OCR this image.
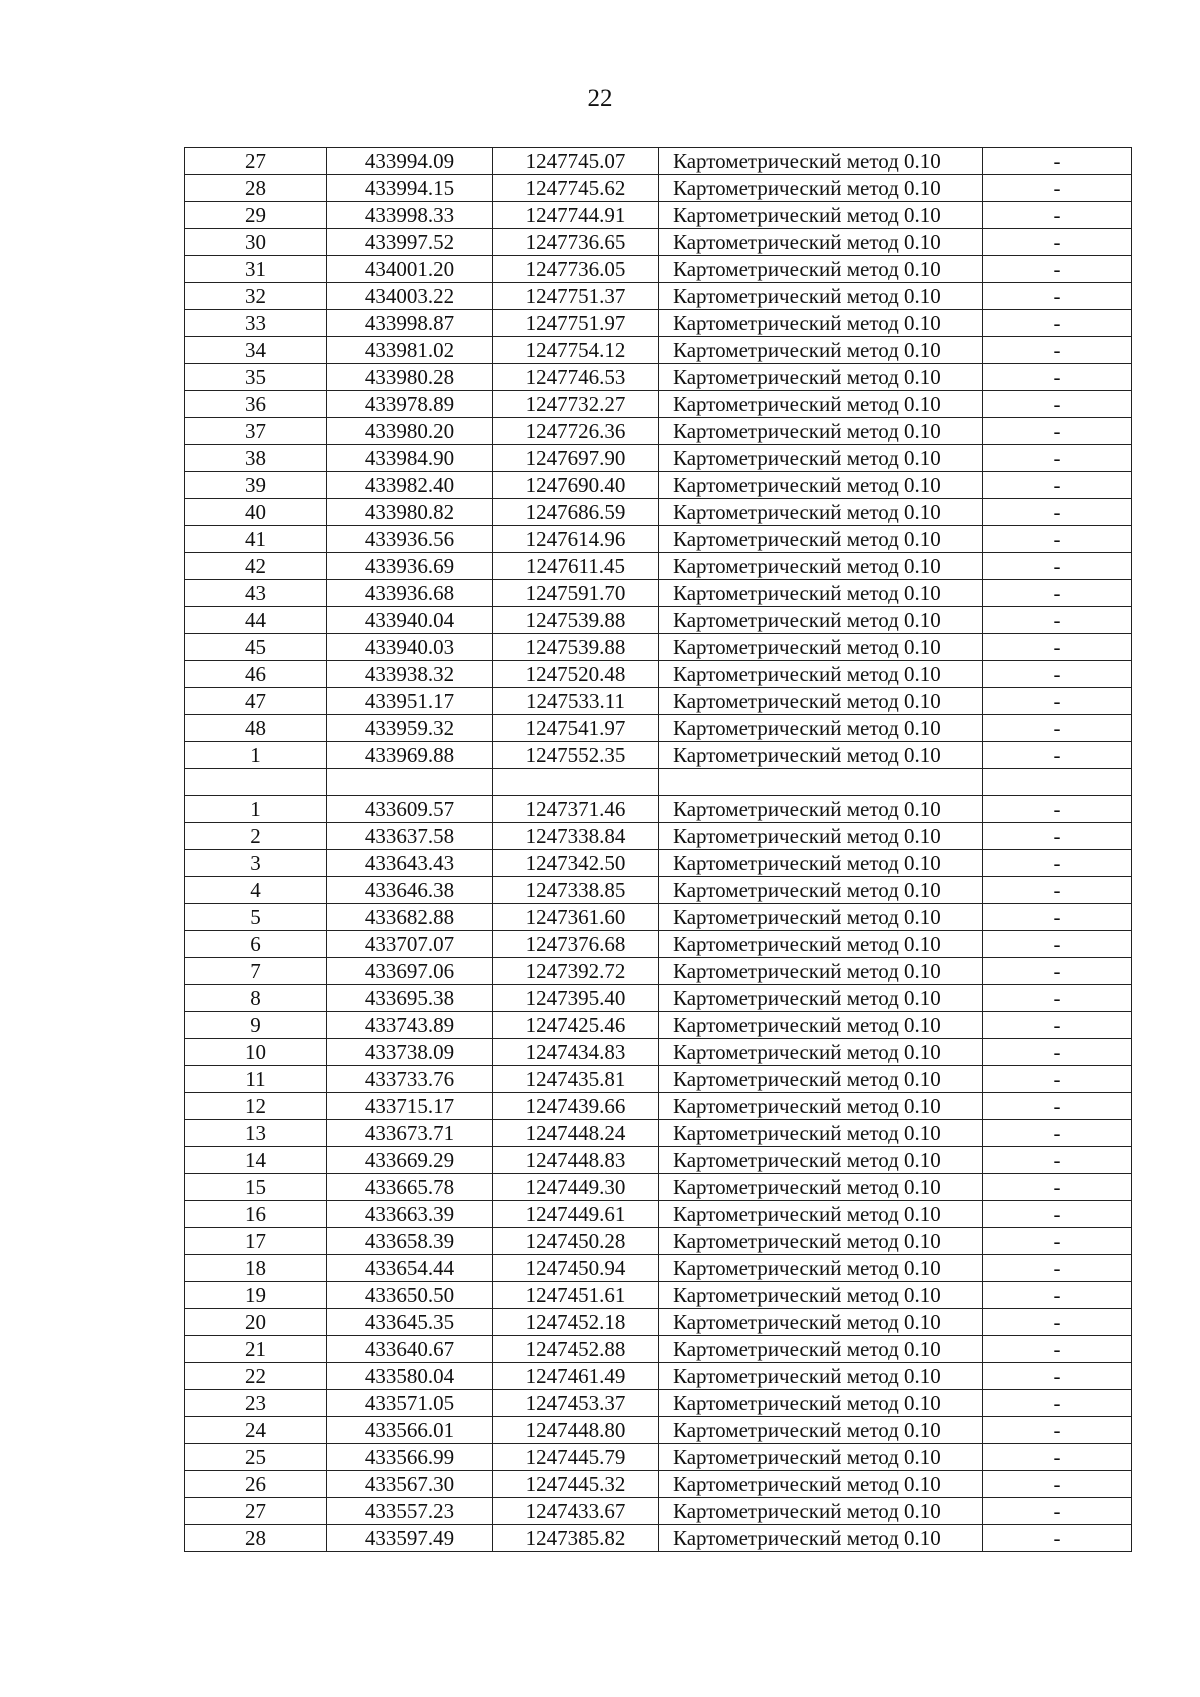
22
27	433994.09	1247745.07	Картометрический метод 0.10	-
28	433994.15	1247745.62	Картометрический метод 0.10	-
29	433998.33	1247744.91	Картометрический метод 0.10	-
30	433997.52	1247736.65	Картометрический метод 0.10	-
31	434001.20	1247736.05	Картометрический метод 0.10	-
32	434003.22	1247751.37	Картометрический метод 0.10	-
33	433998.87	1247751.97	Картометрический метод 0.10	-
34	433981.02	1247754.12	Картометрический метод 0.10	-
35	433980.28	1247746.53	Картометрический метод 0.10	-
36	433978.89	1247732.27	Картометрический метод 0.10	-
37	433980.20	1247726.36	Картометрический метод 0.10	-
38	433984.90	1247697.90	Картометрический метод 0.10	-
39	433982.40	1247690.40	Картометрический метод 0.10	-
40	433980.82	1247686.59	Картометрический метод 0.10	-
41	433936.56	1247614.96	Картометрический метод 0.10	-
42	433936.69	1247611.45	Картометрический метод 0.10	-
43	433936.68	1247591.70	Картометрический метод 0.10	-
44	433940.04	1247539.88	Картометрический метод 0.10	-
45	433940.03	1247539.88	Картометрический метод 0.10	-
46	433938.32	1247520.48	Картометрический метод 0.10	-
47	433951.17	1247533.11	Картометрический метод 0.10	-
48	433959.32	1247541.97	Картометрический метод 0.10	-
1	433969.88	1247552.35	Картометрический метод 0.10	-

1	433609.57	1247371.46	Картометрический метод 0.10	-
2	433637.58	1247338.84	Картометрический метод 0.10	-
3	433643.43	1247342.50	Картометрический метод 0.10	-
4	433646.38	1247338.85	Картометрический метод 0.10	-
5	433682.88	1247361.60	Картометрический метод 0.10	-
6	433707.07	1247376.68	Картометрический метод 0.10	-
7	433697.06	1247392.72	Картометрический метод 0.10	-
8	433695.38	1247395.40	Картометрический метод 0.10	-
9	433743.89	1247425.46	Картометрический метод 0.10	-
10	433738.09	1247434.83	Картометрический метод 0.10	-
11	433733.76	1247435.81	Картометрический метод 0.10	-
12	433715.17	1247439.66	Картометрический метод 0.10	-
13	433673.71	1247448.24	Картометрический метод 0.10	-
14	433669.29	1247448.83	Картометрический метод 0.10	-
15	433665.78	1247449.30	Картометрический метод 0.10	-
16	433663.39	1247449.61	Картометрический метод 0.10	-
17	433658.39	1247450.28	Картометрический метод 0.10	-
18	433654.44	1247450.94	Картометрический метод 0.10	-
19	433650.50	1247451.61	Картометрический метод 0.10	-
20	433645.35	1247452.18	Картометрический метод 0.10	-
21	433640.67	1247452.88	Картометрический метод 0.10	-
22	433580.04	1247461.49	Картометрический метод 0.10	-
23	433571.05	1247453.37	Картометрический метод 0.10	-
24	433566.01	1247448.80	Картометрический метод 0.10	-
25	433566.99	1247445.79	Картометрический метод 0.10	-
26	433567.30	1247445.32	Картометрический метод 0.10	-
27	433557.23	1247433.67	Картометрический метод 0.10	-
28	433597.49	1247385.82	Картометрический метод 0.10	-
